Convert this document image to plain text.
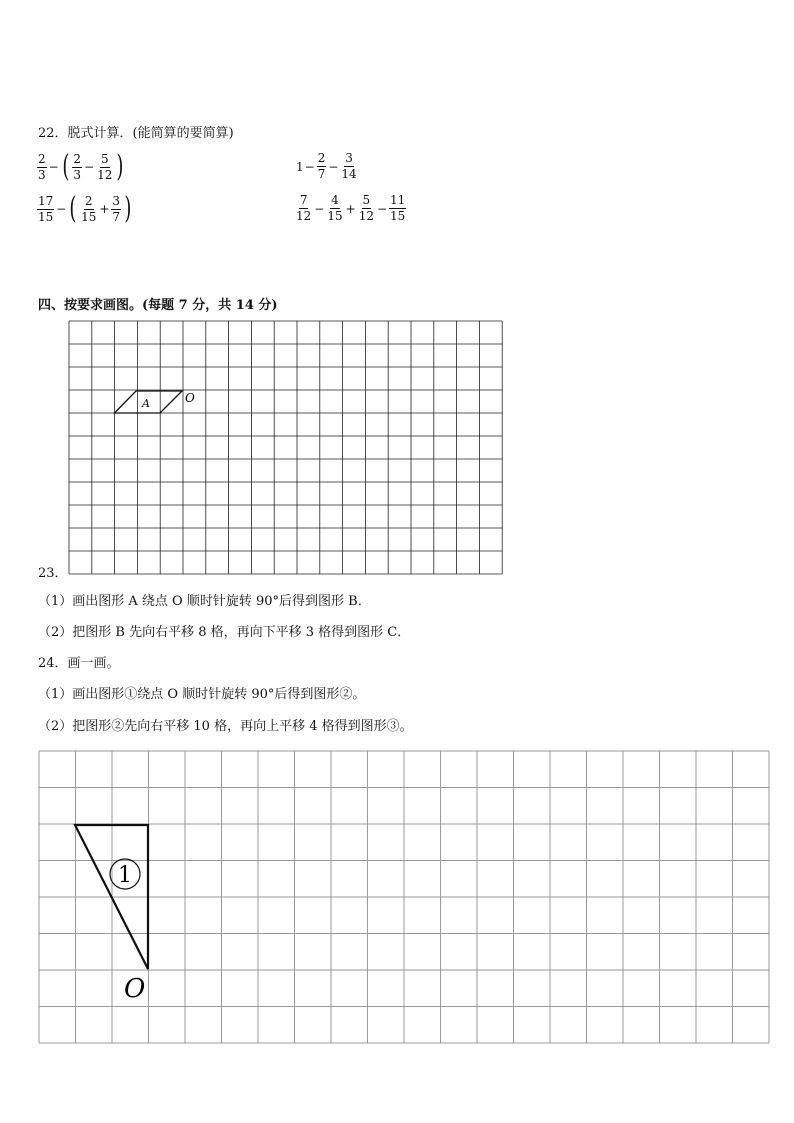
22．脱式计算．(能简算的要简算)
$\frac{2}{3}$ − ( $\frac{2}{3} - \frac{5}{12}$ )	$1 - \frac{2}{7} - \frac{3}{14}$
$\frac{17}{15}$ − ( $\frac{2}{15} + \frac{3}{7}$ )	$\frac{7}{12} - \frac{4}{15} + \frac{5}{12} - \frac{11}{15}$
四、按要求画图。(每题 7 分，共 14 分)
A	O
23．
（1）画出图形 A 绕点 O 顺时针旋转 90°后得到图形 B．
（2）把图形 B 先向右平移 8 格，再向下平移 3 格得到图形 C．
24．画一画。
（1）画出图形①绕点 O 顺时针旋转 90°后得到图形②。
（2）把图形②先向右平移 10 格，再向上平移 4 格得到图形③。
1
O
